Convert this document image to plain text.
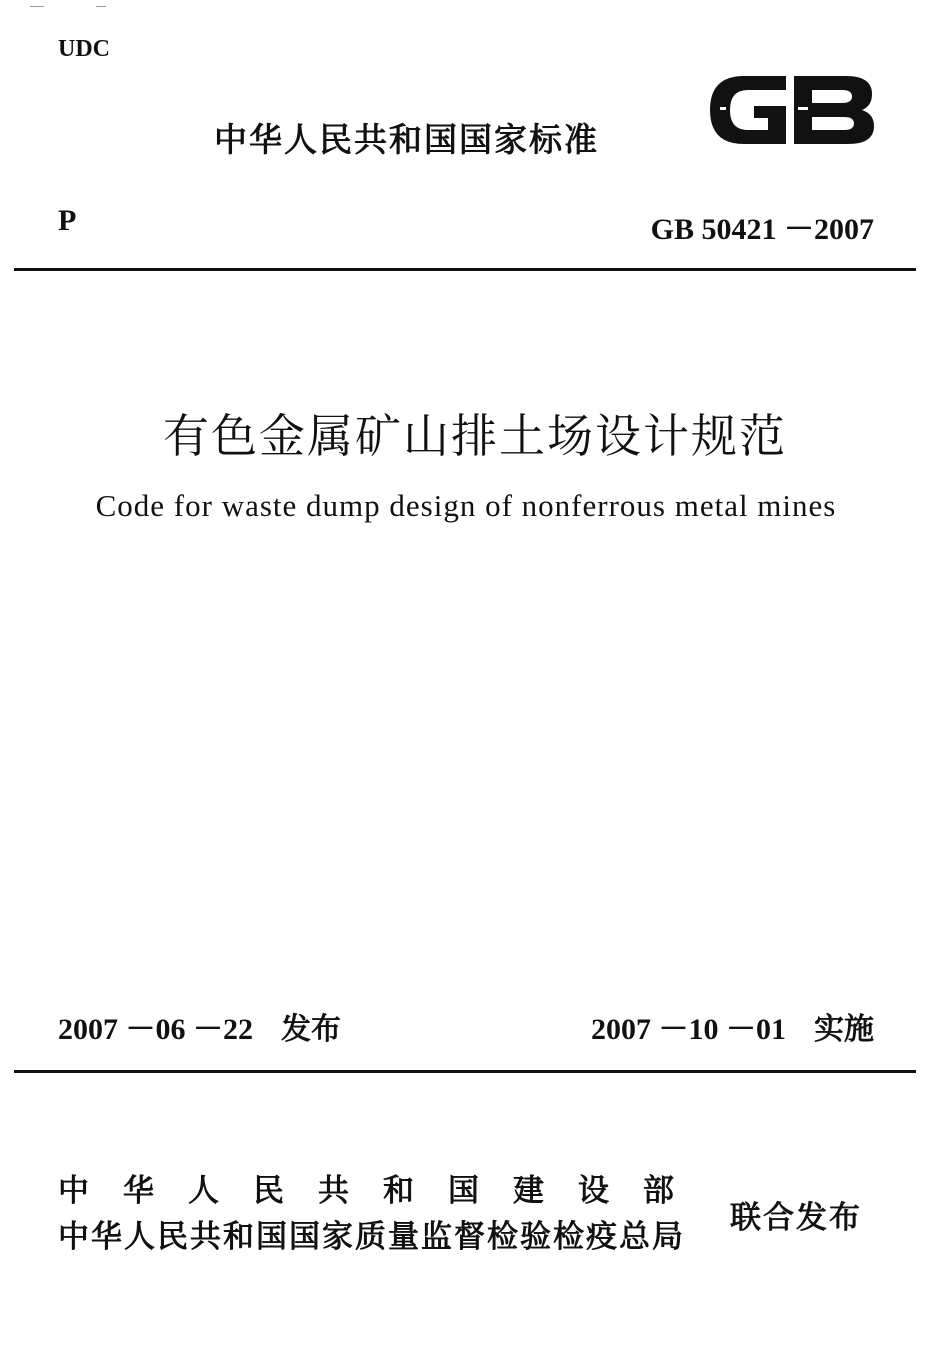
UDC
中华人民共和国国家标准
P	GB 50421 －2007
有色金属矿山排土场设计规范
Code for waste dump design of nonferrous metal mines
2007 －06 －22 发布	2007 －10 －01 实施
中华人民共和国建设部
中华人民共和国国家质量监督检验检疫总局
联合发布
